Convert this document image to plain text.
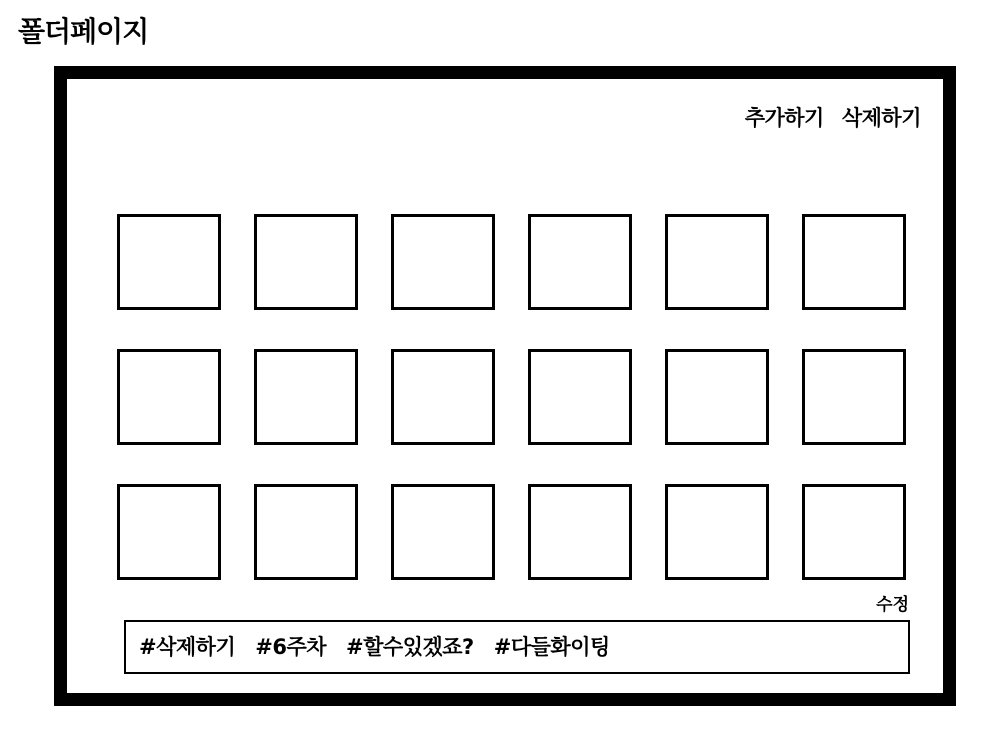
폴더페이지
추가하기 삭제하기
수정
#삭제하기 #6주차 #할수있겠죠? #다들화이팅
